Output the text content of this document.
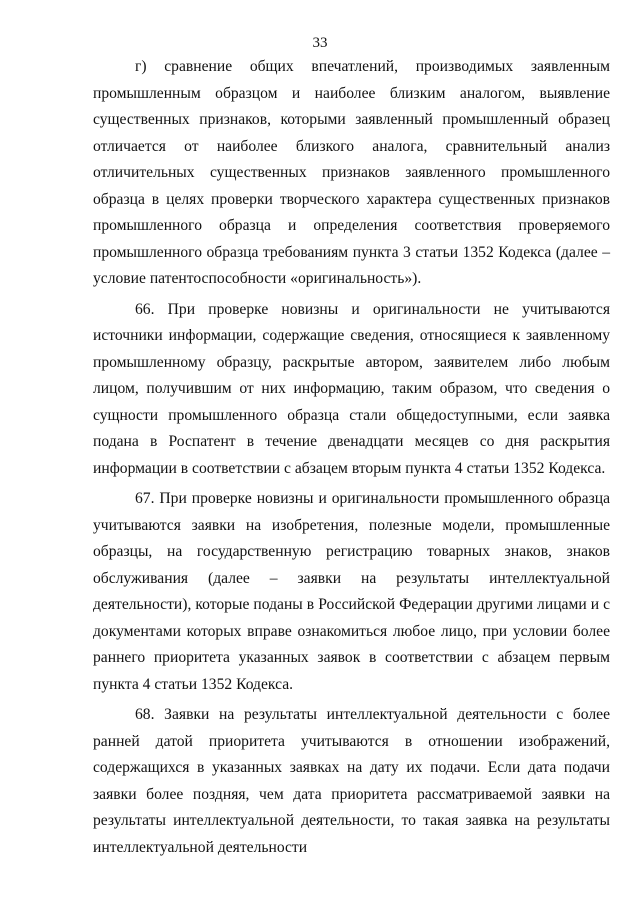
33

г) сравнение общих впечатлений, производимых заявленным промышленным образцом и наиболее близким аналогом, выявление существенных признаков, которыми заявленный промышленный образец отличается от наиболее близкого аналога, сравнительный анализ отличительных существенных признаков заявленного промышленного образца в целях проверки творческого характера существенных признаков промышленного образца и определения соответствия проверяемого промышленного образца требованиям пункта 3 статьи 1352 Кодекса (далее – условие патентоспособности «оригинальность»).

66. При проверке новизны и оригинальности не учитываются источники информации, содержащие сведения, относящиеся к заявленному промышленному образцу, раскрытые автором, заявителем либо любым лицом, получившим от них информацию, таким образом, что сведения о сущности промышленного образца стали общедоступными, если заявка подана в Роспатент в течение двенадцати месяцев со дня раскрытия информации в соответствии с абзацем вторым пункта 4 статьи 1352 Кодекса.

67. При проверке новизны и оригинальности промышленного образца учитываются заявки на изобретения, полезные модели, промышленные образцы, на государственную регистрацию товарных знаков, знаков обслуживания (далее – заявки на результаты интеллектуальной деятельности), которые поданы в Российской Федерации другими лицами и с документами которых вправе ознакомиться любое лицо, при условии более раннего приоритета указанных заявок в соответствии с абзацем первым пункта 4 статьи 1352 Кодекса.

68. Заявки на результаты интеллектуальной деятельности с более ранней датой приоритета учитываются в отношении изображений, содержащихся в указанных заявках на дату их подачи. Если дата подачи заявки более поздняя, чем дата приоритета рассматриваемой заявки на результаты интеллектуальной деятельности, то такая заявка на результаты интеллектуальной деятельности
